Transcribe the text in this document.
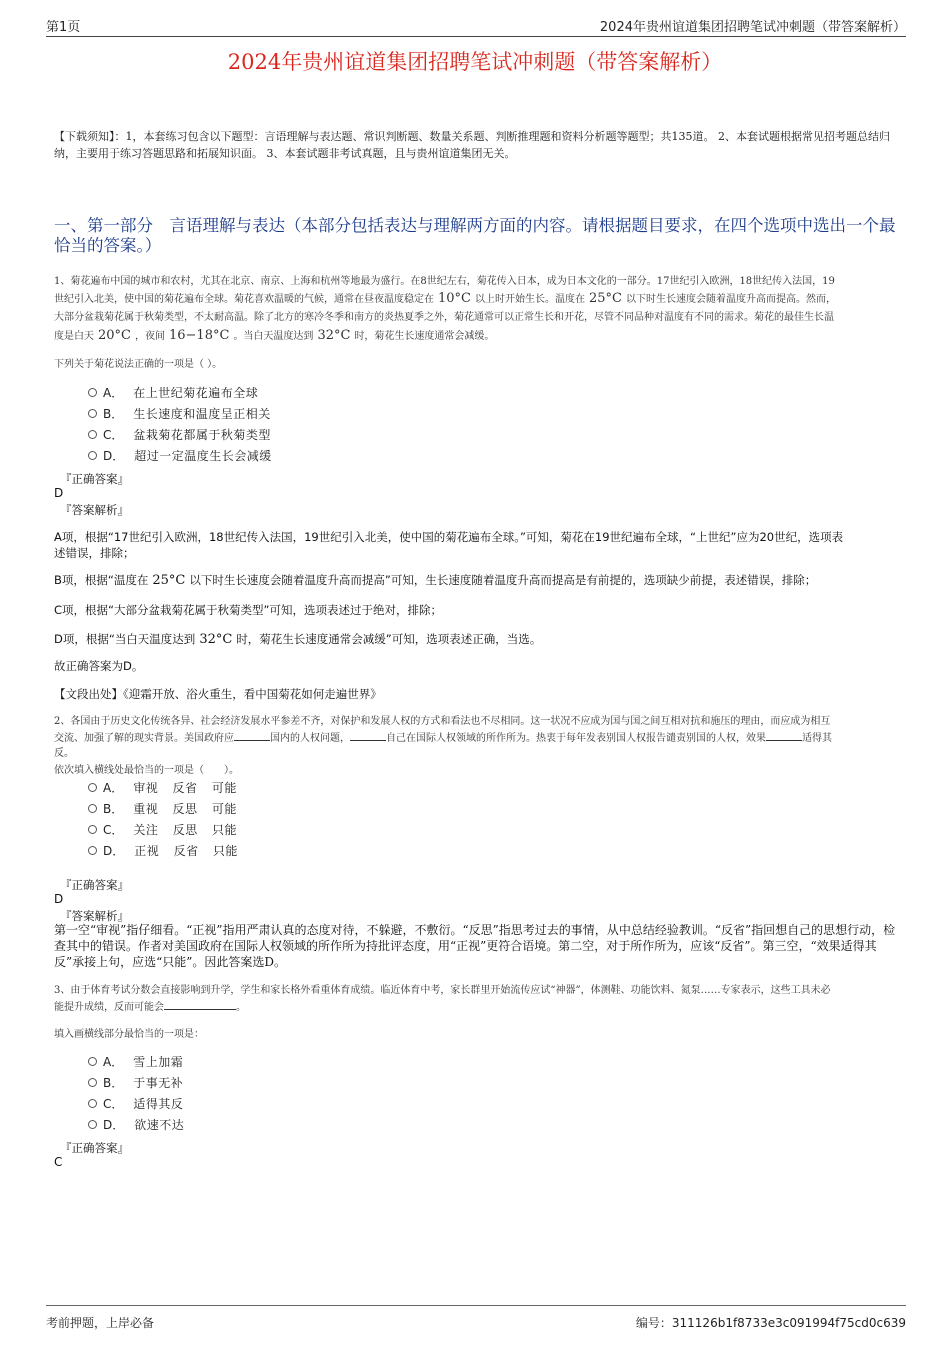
第1页	2024年贵州谊道集团招聘笔试冲刺题（带答案解析）
2024年贵州谊道集团招聘笔试冲刺题（带答案解析）
【下载须知】：1，本套练习包含以下题型：言语理解与表达题、常识判断题、数量关系题、判断推理题和资料分析题等题型；共135道。 2、本套试题根据常见招考题总结归纳，主要用于练习答题思路和拓展知识面。 3、本套试题非考试真题，且与贵州谊道集团无关。
一、第一部分　言语理解与表达（本部分包括表达与理解两方面的内容。请根据题目要求，在四个选项中选出一个最恰当的答案。）
1、菊花遍布中国的城市和农村，尤其在北京、南京、上海和杭州等地最为盛行。在8世纪左右，菊花传入日本，成为日本文化的一部分。17世纪引入欧洲，18世纪传入法国，19
世纪引入北美，使中国的菊花遍布全球。菊花喜欢温暖的气候，通常在昼夜温度稳定在 10°C 以上时开始生长。温度在 25°C 以下时生长速度会随着温度升高而提高。然而，
大部分盆栽菊花属于秋菊类型，不太耐高温。除了北方的寒冷冬季和南方的炎热夏季之外，菊花通常可以正常生长和开花，尽管不同品种对温度有不同的需求。菊花的最佳生长温
度是白天 20°C ，夜间 16−18°C 。当白天温度达到 32°C 时，菊花生长速度通常会减缓。
下列关于菊花说法正确的一项是（ ）。
A． 在上世纪菊花遍布全球
B． 生长速度和温度呈正相关
C． 盆栽菊花都属于秋菊类型
D． 超过一定温度生长会减缓
『正确答案』
D
『答案解析』
A项，根据“17世纪引入欧洲，18世纪传入法国，19世纪引入北美，使中国的菊花遍布全球。”可知，菊花在19世纪遍布全球，“上世纪”应为20世纪，选项表
述错误，排除；
B项，根据“温度在 25°C 以下时生长速度会随着温度升高而提高”可知，生长速度随着温度升高而提高是有前提的，选项缺少前提，表述错误，排除；
C项，根据“大部分盆栽菊花属于秋菊类型”可知，选项表述过于绝对，排除；
D项，根据“当白天温度达到 32°C 时，菊花生长速度通常会减缓”可知，选项表述正确，当选。
故正确答案为D。
【文段出处】《迎霜开放、浴火重生，看中国菊花如何走遍世界》
2、各国由于历史文化传统各异、社会经济发展水平参差不齐，对保护和发展人权的方式和看法也不尽相同。这一状况不应成为国与国之间互相对抗和施压的理由，而应成为相互
交流、加强了解的现实背景。美国政府应	国内的人权问题，	自己在国际人权领域的所作所为。热衷于每年发表别国人权报告谴责别国的人权，效果	适得其
反。
依次填入横线处最恰当的一项是（　　）。
A． 审视 反省 可能
B． 重视 反思 可能
C． 关注 反思 只能
D． 正视 反省 只能
『正确答案』
D
『答案解析』
第一空“审视”指仔细看。“正视”指用严肃认真的态度对待，不躲避，不敷衍。“反思”指思考过去的事情，从中总结经验教训。“反省”指回想自己的思想行动，检查其中的错误。作者对美国政府在国际人权领域的所作所为持批评态度，用“正视”更符合语境。第二空，对于所作所为，应该“反省”。第三空，“效果适得其反”承接上句，应选“只能”。因此答案选D。
3、由于体育考试分数会直接影响到升学，学生和家长格外看重体育成绩。临近体育中考，家长群里开始流传应试“神器”，体测鞋、功能饮料、氮泵……专家表示，这些工具未必
能提升成绩，反而可能会	。
填入画横线部分最恰当的一项是：
A． 雪上加霜
B． 于事无补
C． 适得其反
D． 欲速不达
『正确答案』
C
考前押题，上岸必备	编号：311126b1f8733e3c091994f75cd0c639
